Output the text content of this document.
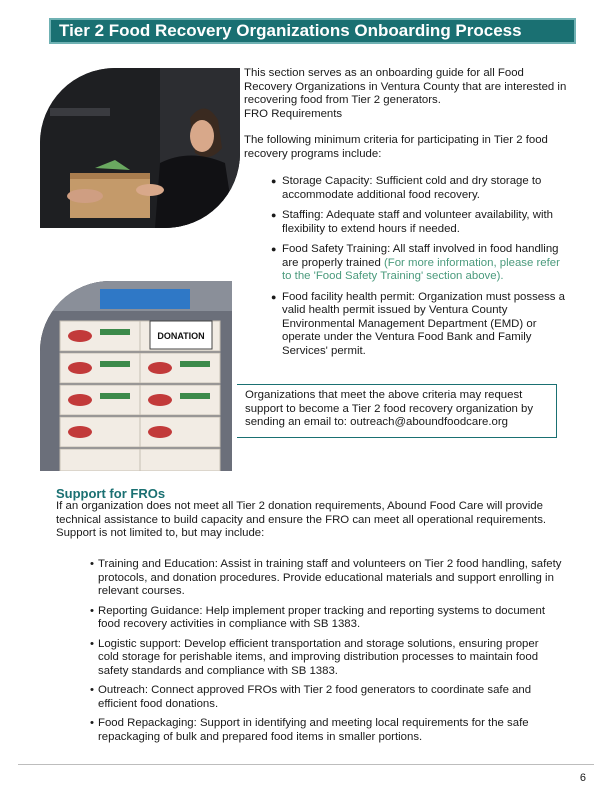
Tier 2 Food Recovery Organizations Onboarding Process

This section serves as an onboarding guide for all Food Recovery Organizations in Ventura County that are interested in recovering food from Tier 2 generators.

FRO Requirements

The following minimum criteria for participating in Tier 2 food recovery programs include:

● Storage Capacity: Sufficient cold and dry storage to accommodate additional food recovery.
● Staffing: Adequate staff and volunteer availability, with flexibility to extend hours if needed.
● Food Safety Training: All staff involved in food handling are properly trained (For more information, please refer to the 'Food Safety Training' section above).
● Food facility health permit: Organization must possess a valid health permit issued by Ventura County Environmental Management Department (EMD) or operate under the Ventura Food Bank and Family Services' permit.
DONATION
Organizations that meet the above criteria may request support to become a Tier 2 food recovery organization by sending an email to: outreach@aboundfoodcare.org
Support for FROs

If an organization does not meet all Tier 2 donation requirements, Abound Food Care will provide technical assistance to build capacity and ensure the FRO can meet all operational requirements. Support is not limited to, but may include:

• Training and Education: Assist in training staff and volunteers on Tier 2 food handling, safety protocols, and donation procedures. Provide educational materials and support enrolling in relevant courses.
• Reporting Guidance: Help implement proper tracking and reporting systems to document food recovery activities in compliance with SB 1383.
• Logistic support: Develop efficient transportation and storage solutions, ensuring proper cold storage for perishable items, and improving distribution processes to maintain food safety standards and compliance with SB 1383.
• Outreach: Connect approved FROs with Tier 2 food generators to coordinate safe and efficient food donations.
• Food Repackaging: Support in identifying and meeting local requirements for the safe repackaging of bulk and prepared food items in smaller portions.
6
